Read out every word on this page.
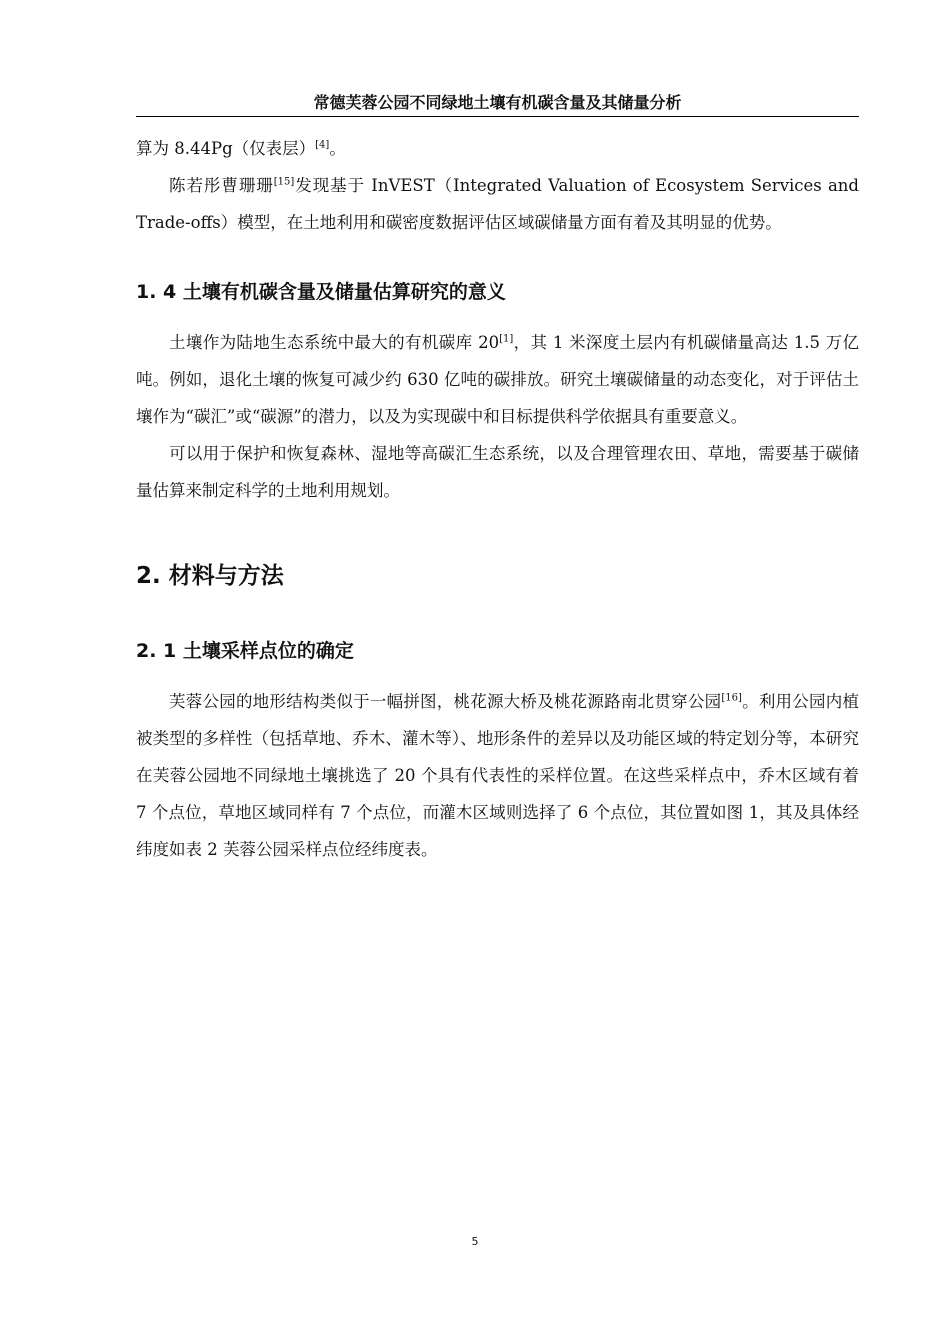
常德芙蓉公园不同绿地土壤有机碳含量及其储量分析

算为 8.44Pg（仅表层）[4]。

陈若彤曹珊珊[15]发现基于 InVEST（Integrated Valuation of Ecosystem Services and Trade-offs）模型，在土地利用和碳密度数据评估区域碳储量方面有着及其明显的优势。

1. 4 土壤有机碳含量及储量估算研究的意义

土壤作为陆地生态系统中最大的有机碳库 20[1]，其 1 米深度土层内有机碳储量高达 1.5 万亿吨。例如，退化土壤的恢复可减少约 630 亿吨的碳排放。研究土壤碳储量的动态变化，对于评估土壤作为“碳汇”或“碳源”的潜力，以及为实现碳中和目标提供科学依据具有重要意义。

可以用于保护和恢复森林、湿地等高碳汇生态系统，以及合理管理农田、草地，需要基于碳储量估算来制定科学的土地利用规划。

2. 材料与方法
2. 1 土壤采样点位的确定

芙蓉公园的地形结构类似于一幅拼图，桃花源大桥及桃花源路南北贯穿公园[16]。利用公园内植被类型的多样性（包括草地、乔木、灌木等）、地形条件的差异以及功能区域的特定划分等，本研究在芙蓉公园地不同绿地土壤挑选了 20 个具有代表性的采样位置。在这些采样点中，乔木区域有着 7 个点位，草地区域同样有 7 个点位，而灌木区域则选择了 6 个点位，其位置如图 1，其及具体经纬度如表 2 芙蓉公园采样点位经纬度表。

5
